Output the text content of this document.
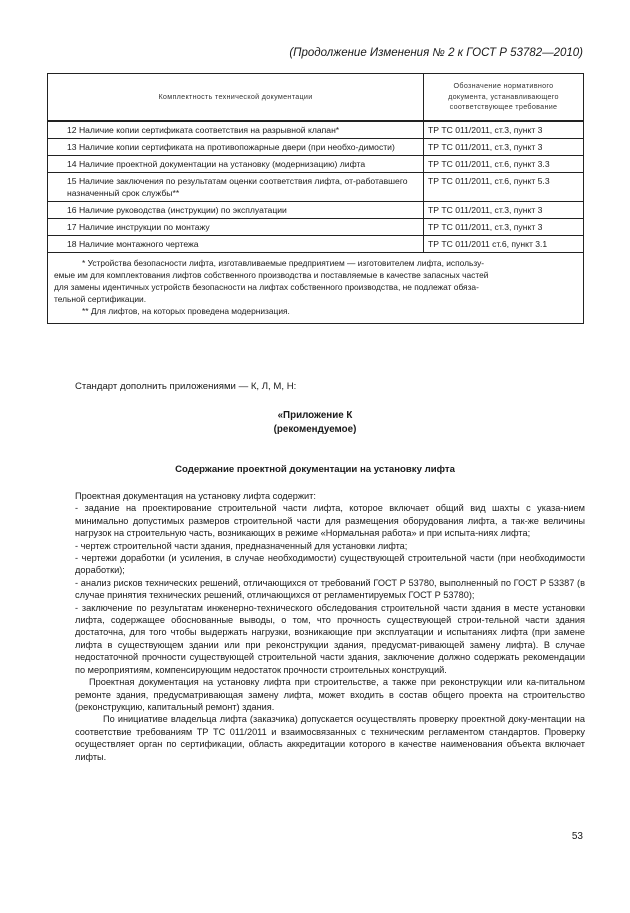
(Продолжение Изменения № 2 к ГОСТ Р 53782—2010)
Комплектность технической документации	Обозначение нормативного
документа, устанавливающего
соответствующее требование

12 Наличие копии сертификата соответствия на разрывной клапан*	ТР ТС 011/2011, ст.3, пункт 3
13 Наличие копии сертификата на противопожарные двери (при необхо-димости)	ТР ТС 011/2011, ст.3, пункт 3
14 Наличие проектной документации на установку (модернизацию) лифта	ТР ТС 011/2011, ст.6, пункт 3.3
15 Наличие заключения по результатам оценки соответствия лифта, от-работавшего назначенный срок службы**	ТР ТС 011/2011, ст.6, пункт 5.3
16 Наличие руководства (инструкции) по эксплуатации	ТР ТС 011/2011, ст.3, пункт 3
17 Наличие инструкции по монтажу	ТР ТС 011/2011, ст.3, пункт 3
18 Наличие монтажного чертежа	ТР ТС 011/2011 ст.6, пункт 3.1

* Устройства безопасности лифта, изготавливаемые предприятием — изготовителем лифта, использу-
емые им для комплектования лифтов собственного производства и поставляемые в качестве запасных частей
для замены идентичных устройств безопасности на лифтах собственного производства, не подлежат обяза-
тельной сертификации.
** Для лифтов, на которых проведена модернизация.	
Стандарт дополнить приложениями — К, Л, М, Н:
«Приложение К
(рекомендуемое)
Содержание проектной документации на установку лифта

Проектная документация на установку лифта содержит:

- задание на проектирование строительной части лифта, которое включает общий вид шахты с указа-нием минимально допустимых размеров строительной части для размещения оборудования лифта, а так-же величины нагрузок на строительную часть, возникающих в режиме «Нормальная работа» и при испыта-ниях лифта;

- чертеж строительной части здания, предназначенный для установки лифта;

- чертежи доработки (и усиления, в случае необходимости) существующей строительной части (при необходимости доработки);

- анализ рисков технических решений, отличающихся от требований ГОСТ Р 53780, выполненный по ГОСТ Р 53387 (в случае принятия технических решений, отличающихся от регламентируемых ГОСТ Р 53780);

- заключение по результатам инженерно-технического обследования строительной части здания в месте установки лифта, содержащее обоснованные выводы, о том, что прочность существующей строи-тельной части здания достаточна, для того чтобы выдержать нагрузки, возникающие при эксплуатации и испытаниях лифта (при замене лифта в существующем здании или при реконструкции здания, предусмат-ривающей замену лифта). В случае недостаточной прочности существующей строительной части здания, заключение должно содержать рекомендации по мероприятиям, компенсирующим недостаток прочности строительных конструкций.

Проектная документация на установку лифта при строительстве, а также при реконструкции или ка-питальном ремонте здания, предусматривающая замену лифта, может входить в состав общего проекта на строительство (реконструкцию, капитальный ремонт) здания.

По инициативе владельца лифта (заказчика) допускается осуществлять проверку проектной доку-ментации на соответствие требованиям ТР ТС 011/2011 и взаимосвязанных с техническим регламентом стандартов. Проверку осуществляет орган по сертификации, область аккредитации которого в качестве наименования объекта включает лифты.

53
